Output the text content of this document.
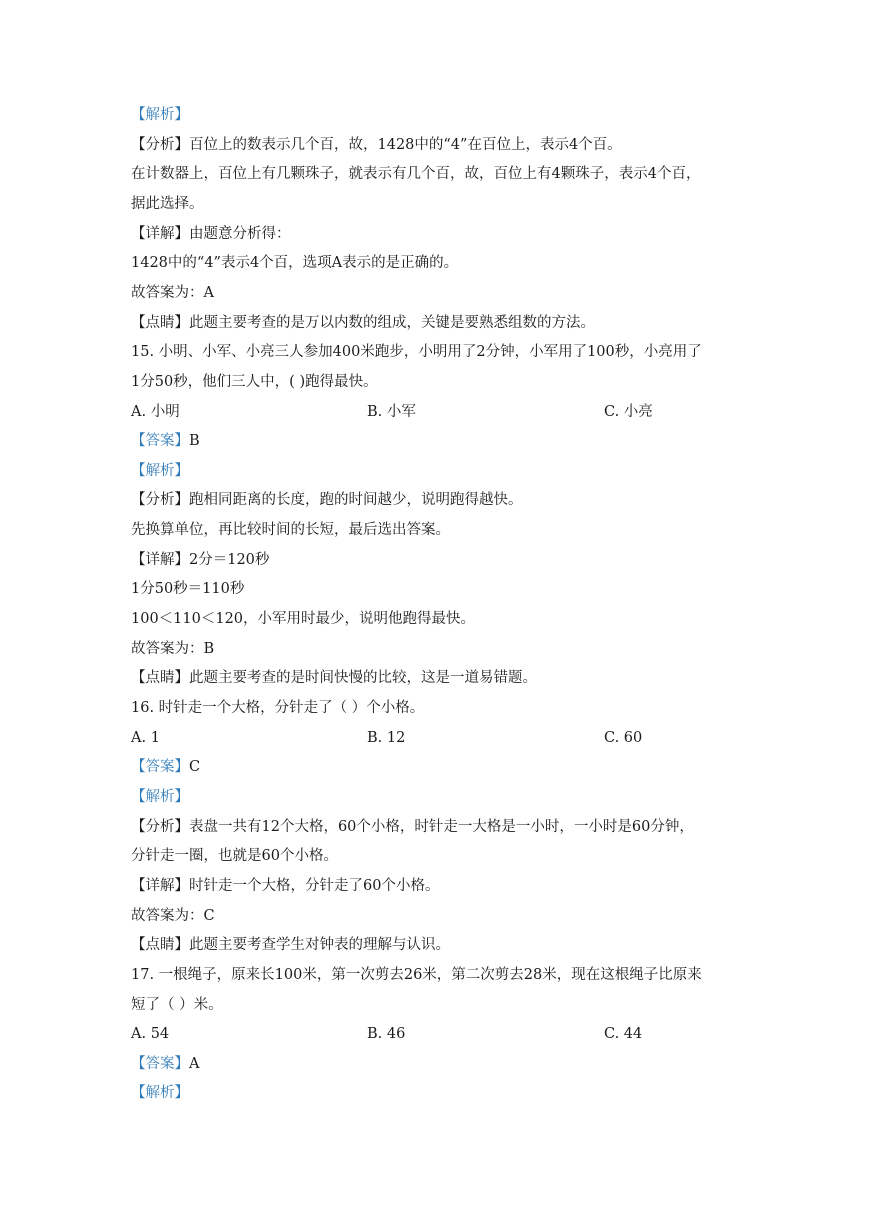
【解析】
【分析】百位上的数表示几个百，故，1428中的“4”在百位上，表示4个百。
在计数器上，百位上有几颗珠子，就表示有几个百，故，百位上有4颗珠子，表示4个百，
据此选择。
【详解】由题意分析得：
1428中的“4”表示4个百，选项A表示的是正确的。
故答案为：A
【点睛】此题主要考查的是万以内数的组成，关键是要熟悉组数的方法。
15. 小明、小军、小亮三人参加400米跑步，小明用了2分钟，小军用了100秒，小亮用了
1分50秒，他们三人中，( )跑得最快。
A. 小明	B. 小军	C. 小亮
【答案】B
【解析】
【分析】跑相同距离的长度，跑的时间越少，说明跑得越快。
先换算单位，再比较时间的长短，最后选出答案。
【详解】2分＝120秒
1分50秒＝110秒
100＜110＜120，小军用时最少，说明他跑得最快。
故答案为：B
【点睛】此题主要考查的是时间快慢的比较，这是一道易错题。
16. 时针走一个大格，分针走了（ ）个小格。
A. 1	B. 12	C. 60
【答案】C
【解析】
【分析】表盘一共有12个大格，60个小格，时针走一大格是一小时，一小时是60分钟，
分针走一圈，也就是60个小格。
【详解】时针走一个大格，分针走了60个小格。
故答案为：C
【点睛】此题主要考查学生对钟表的理解与认识。
17. 一根绳子，原来长100米，第一次剪去26米，第二次剪去28米，现在这根绳子比原来
短了（ ）米。
A. 54	B. 46	C. 44
【答案】A
【解析】
